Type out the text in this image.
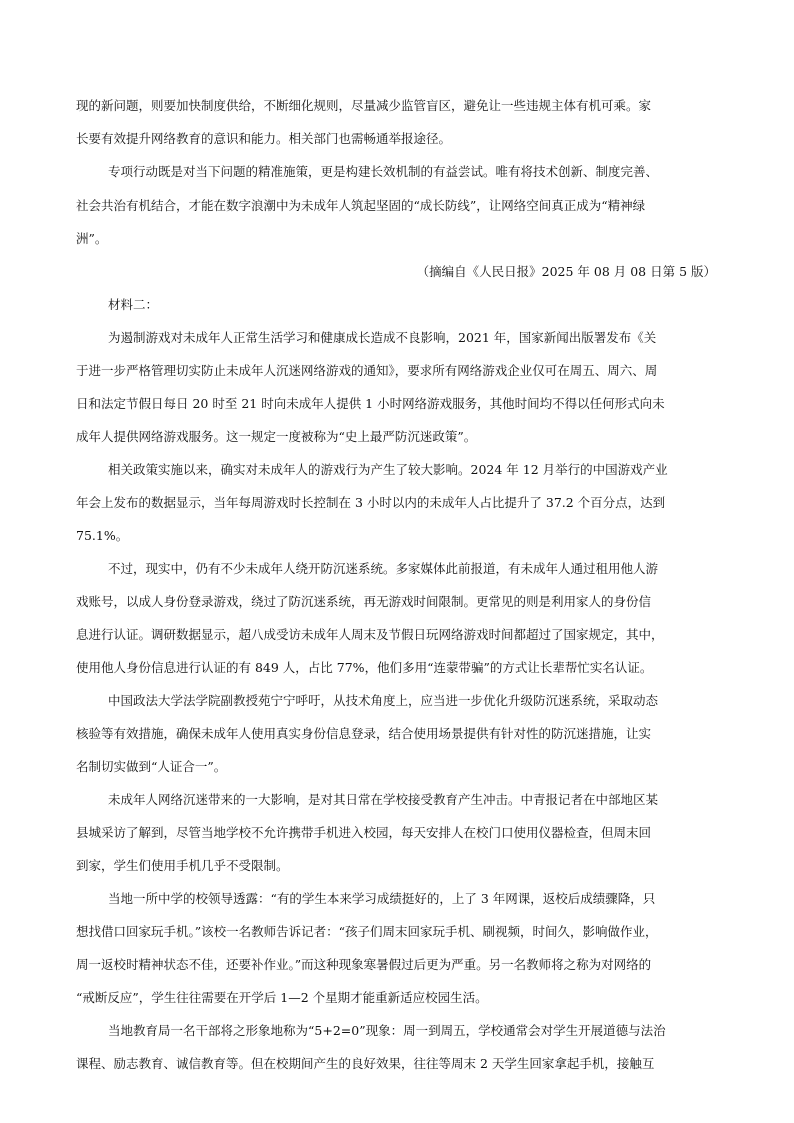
现的新问题，则要加快制度供给，不断细化规则，尽量减少监管盲区，避免让一些违规主体有机可乘。家
长要有效提升网络教育的意识和能力。相关部门也需畅通举报途径。
专项行动既是对当下问题的精准施策，更是构建长效机制的有益尝试。唯有将技术创新、制度完善、
社会共治有机结合，才能在数字浪潮中为未成年人筑起坚固的“成长防线”，让网络空间真正成为“精神绿
洲”。
（摘编自《人民日报》2025 年 08 月 08 日第 5 版）
材料二：
为遏制游戏对未成年人正常生活学习和健康成长造成不良影响，2021 年，国家新闻出版署发布《关
于进一步严格管理切实防止未成年人沉迷网络游戏的通知》，要求所有网络游戏企业仅可在周五、周六、周
日和法定节假日每日 20 时至 21 时向未成年人提供 1 小时网络游戏服务，其他时间均不得以任何形式向未
成年人提供网络游戏服务。这一规定一度被称为“史上最严防沉迷政策”。
相关政策实施以来，确实对未成年人的游戏行为产生了较大影响。2024 年 12 月举行的中国游戏产业
年会上发布的数据显示，当年每周游戏时长控制在 3 小时以内的未成年人占比提升了 37.2 个百分点，达到
75.1%。
不过，现实中，仍有不少未成年人绕开防沉迷系统。多家媒体此前报道，有未成年人通过租用他人游
戏账号，以成人身份登录游戏，绕过了防沉迷系统，再无游戏时间限制。更常见的则是利用家人的身份信
息进行认证。调研数据显示，超八成受访未成年人周末及节假日玩网络游戏时间都超过了国家规定，其中，
使用他人身份信息进行认证的有 849 人，占比 77%，他们多用“连蒙带骗”的方式让长辈帮忙实名认证。
中国政法大学法学院副教授苑宁宁呼吁，从技术角度上，应当进一步优化升级防沉迷系统，采取动态
核验等有效措施，确保未成年人使用真实身份信息登录，结合使用场景提供有针对性的防沉迷措施，让实
名制切实做到“人证合一”。
未成年人网络沉迷带来的一大影响，是对其日常在学校接受教育产生冲击。中青报记者在中部地区某
县城采访了解到，尽管当地学校不允许携带手机进入校园，每天安排人在校门口使用仪器检查，但周末回
到家，学生们使用手机几乎不受限制。
当地一所中学的校领导透露：“有的学生本来学习成绩挺好的，上了 3 年网课，返校后成绩骤降，只
想找借口回家玩手机。”该校一名教师告诉记者：“孩子们周末回家玩手机、刷视频，时间久，影响做作业，
周一返校时精神状态不佳，还要补作业。”而这种现象寒暑假过后更为严重。另一名教师将之称为对网络的
“戒断反应”，学生往往需要在开学后 1—2 个星期才能重新适应校园生活。
当地教育局一名干部将之形象地称为“5+2=0”现象：周一到周五，学校通常会对学生开展道德与法治
课程、励志教育、诚信教育等。但在校期间产生的良好效果，往往等周末 2 天学生回家拿起手机，接触互
